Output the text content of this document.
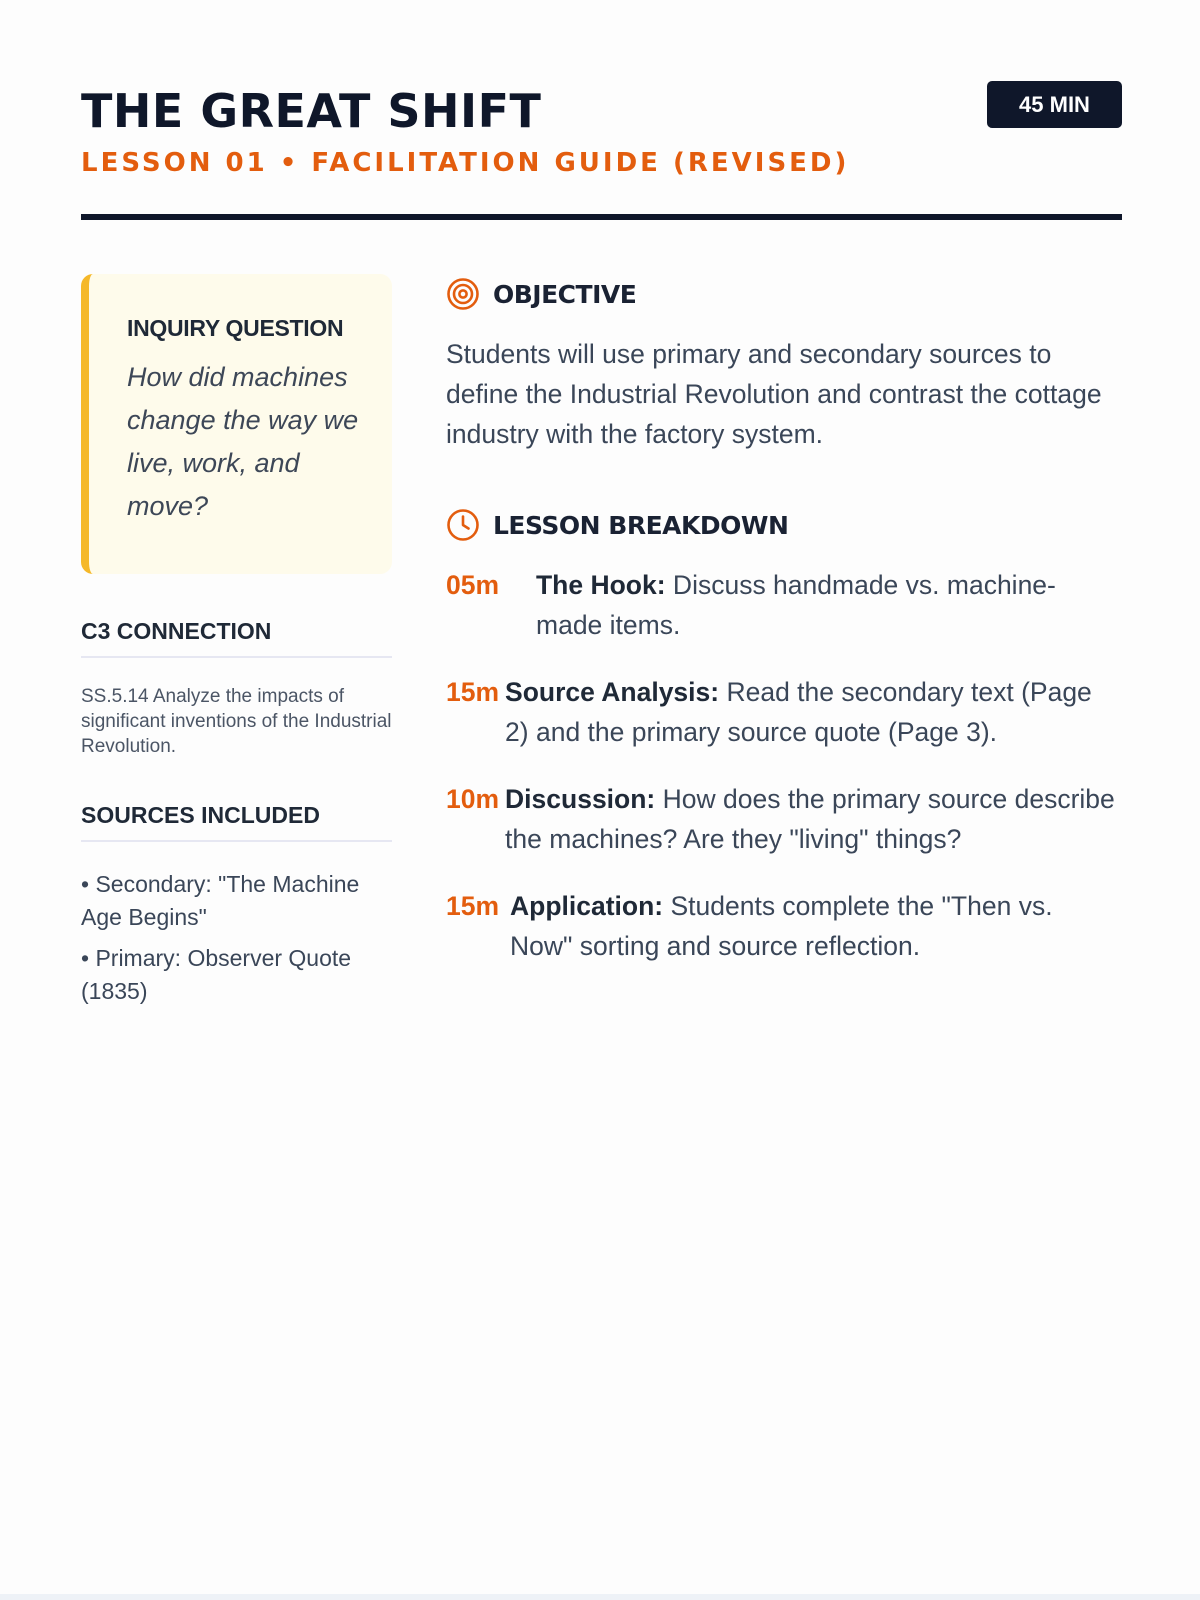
THE GREAT SHIFT
LESSON 01 • FACILITATION GUIDE (REVISED)
45 MIN
INQUIRY QUESTION
How did machines change the way we live, work, and move?
C3 CONNECTION
SS.5.14 Analyze the impacts of significant inventions of the Industrial Revolution.
SOURCES INCLUDED
• Secondary: "The Machine Age Begins"
• Primary: Observer Quote (1835)
OBJECTIVE

Students will use primary and secondary sources to define the Industrial Revolution and contrast the cottage industry with the factory system.

LESSON BREAKDOWN
05m	The Hook: Discuss handmade vs. machine-made items.
15m Source Analysis: Read the secondary text (Page 2) and the primary source quote (Page 3).
10m Discussion: How does the primary source describe the machines? Are they "living" things?
15m Application: Students complete the "Then vs. Now" sorting and source reflection.
